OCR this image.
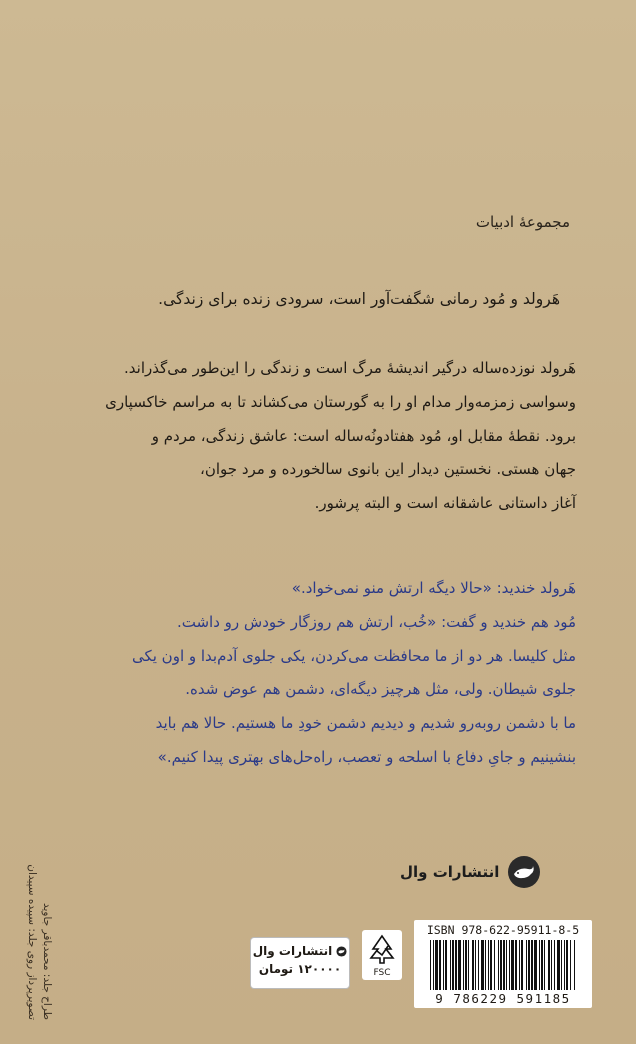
مجموعهٔ ادبیات
هَرولد و مُود رمانی شگفت‌آور است، سرودی زنده برای زندگی.
هَرولد نوزده‌ساله درگیر اندیشهٔ مرگ است و زندگی را این‌طور می‌گذراند.
وسواسی زمزمه‌وار مدام او را به گورستان می‌کشاند تا به مراسم خاکسپاری
برود. نقطهٔ مقابل او، مُود هفتادونُه‌ساله است: عاشق زندگی، مردم و
جهان هستی. نخستین دیدار این بانوی سالخورده و مرد جوان،
آغاز داستانی عاشقانه است و البته پرشور.
هَرولد خندید: «حالا دیگه ارتش منو نمی‌خواد.»
مُود هم خندید و گفت: «خُب، ارتش هم روزگار خودش رو داشت.
مثل کلیسا. هر دو از ما محافظت می‌کردن، یکی جلوی آدم‌بدا و اون یکی
جلوی شیطان. ولی، مثل هرچیز دیگه‌ای، دشمن هم عوض شده.
ما با دشمن روبه‌رو شدیم و دیدیم دشمن خودِ ما هستیم. حالا هم باید
بنشینیم و جایِ دفاع با اسلحه و تعصب، راه‌حل‌های بهتری پیدا کنیم.»
انتشارات وال
طراح جلد: محمدباقر جاوید
تصویرپرداز روی جلد: سپیده سپیدان	انتشارات وال
۱۲۰۰۰۰ تومان	FSC
ISBN 978-622-95911-8-5
9 786229 591185
